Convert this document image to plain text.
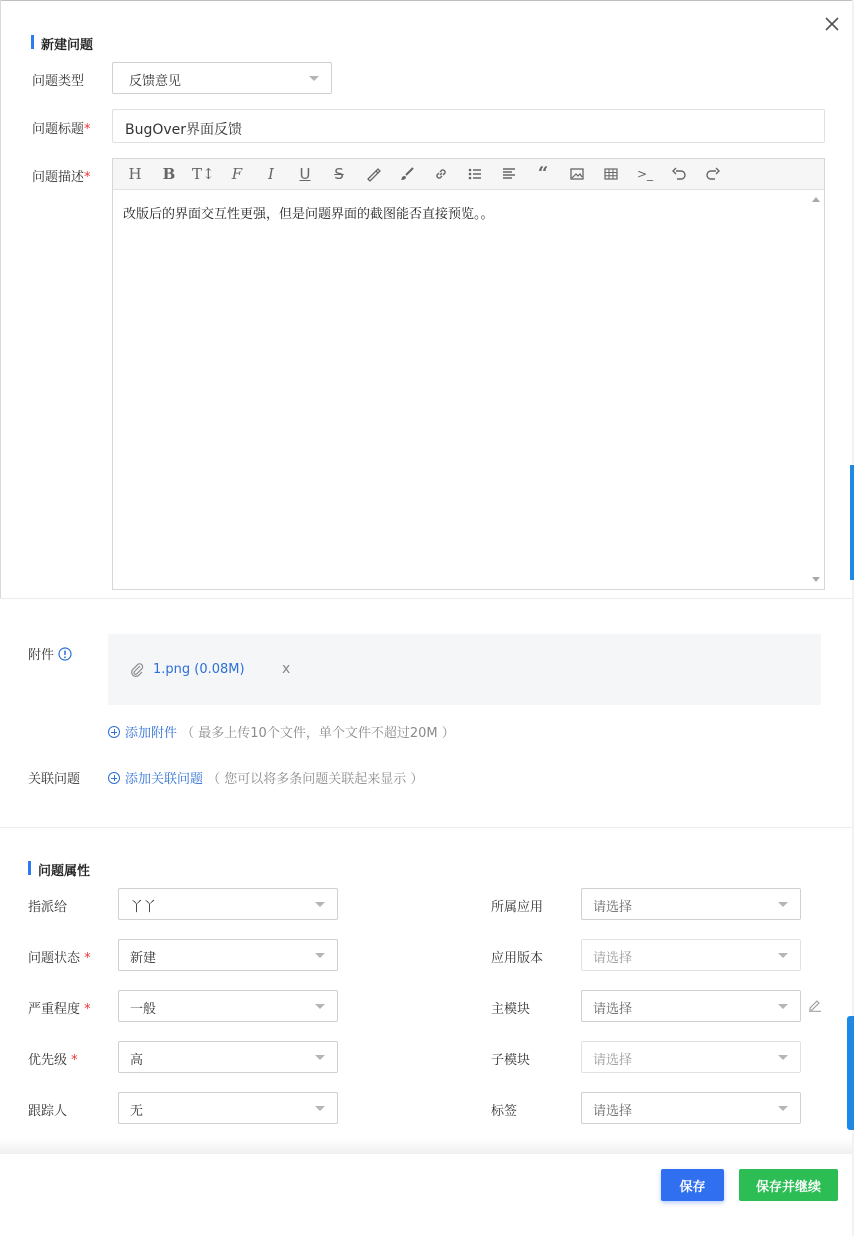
新建问题
问题类型	反馈意见
问题标题* BugOver界面反馈
问题描述*	H	B	T↕	F	I	U	S	“	>_
改版后的界面交互性更强，但是问题界面的截图能否直接预览。。
附件
1.png (0.08M)	x
添加附件 （ 最多上传10个文件，单个文件不超过20M ）
关联问题	添加关联问题 （ 您可以将多条问题关联起来显示 ）
问题属性
指派给	丫丫
问题状态 *	新建
严重程度 *	一般
优先级 *	高
跟踪人	无
所属应用	请选择
应用版本	请选择
主模块	请选择
子模块	请选择
标签	请选择
保存	保存并继续
